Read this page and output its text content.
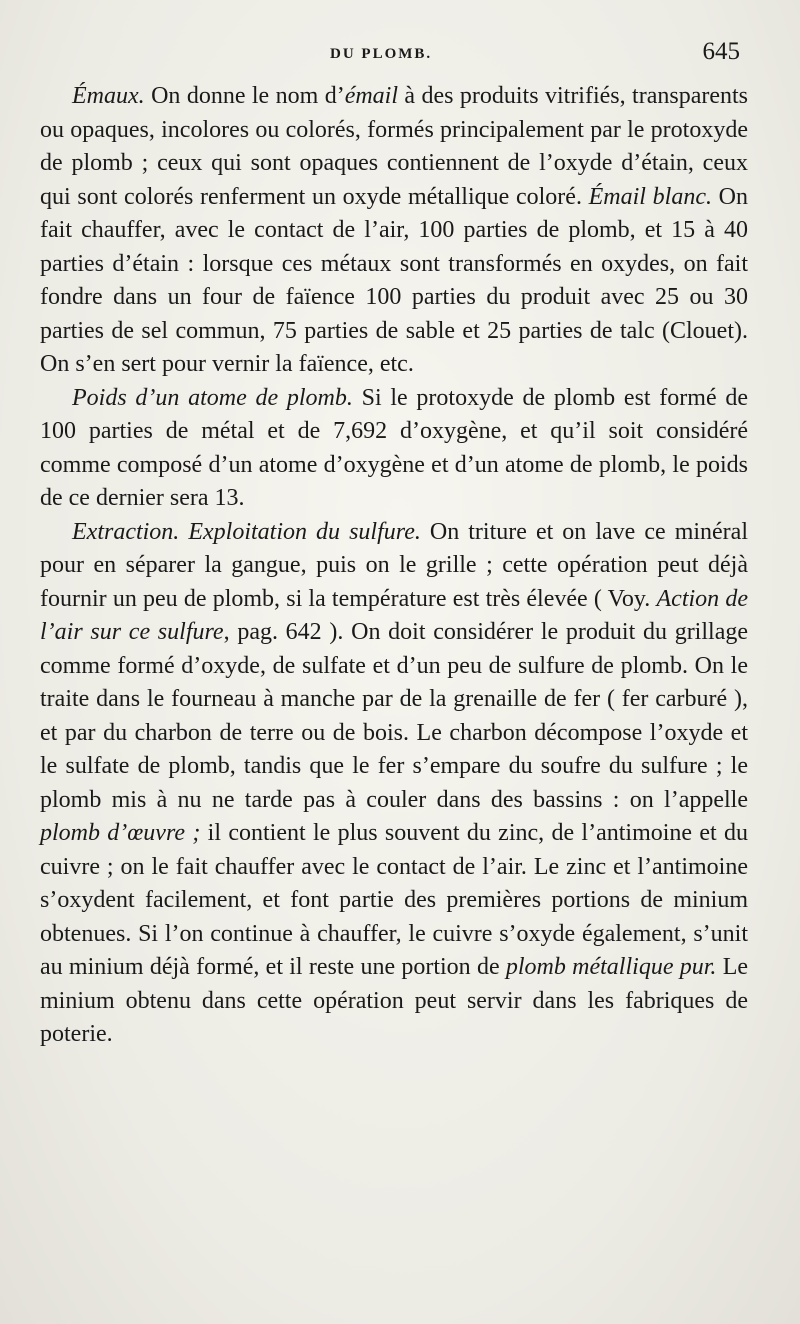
DU PLOMB.	645

Émaux. On donne le nom d’émail à des produits vitrifiés, transparents ou opaques, incolores ou colorés, formés principalement par le protoxyde de plomb ; ceux qui sont opaques contiennent de l’oxyde d’étain, ceux qui sont colorés renferment un oxyde métallique coloré. Émail blanc. On fait chauffer, avec le contact de l’air, 100 parties de plomb, et 15 à 40 parties d’étain : lorsque ces métaux sont transformés en oxydes, on fait fondre dans un four de faïence 100 parties du produit avec 25 ou 30 parties de sel commun, 75 parties de sable et 25 parties de talc (Clouet). On s’en sert pour vernir la faïence, etc.

Poids d’un atome de plomb. Si le protoxyde de plomb est formé de 100 parties de métal et de 7,692 d’oxygène, et qu’il soit considéré comme composé d’un atome d’oxygène et d’un atome de plomb, le poids de ce dernier sera 13.

Extraction. Exploitation du sulfure. On triture et on lave ce minéral pour en séparer la gangue, puis on le grille ; cette opération peut déjà fournir un peu de plomb, si la température est très élevée ( Voy. Action de l’air sur ce sulfure, pag. 642 ). On doit considérer le produit du grillage comme formé d’oxyde, de sulfate et d’un peu de sulfure de plomb. On le traite dans le fourneau à manche par de la grenaille de fer ( fer carburé ), et par du charbon de terre ou de bois. Le charbon décompose l’oxyde et le sulfate de plomb, tandis que le fer s’empare du soufre du sulfure ; le plomb mis à nu ne tarde pas à couler dans des bassins : on l’appelle plomb d’œuvre ; il contient le plus souvent du zinc, de l’antimoine et du cuivre ; on le fait chauffer avec le contact de l’air. Le zinc et l’antimoine s’oxydent facilement, et font partie des premières portions de minium obtenues. Si l’on continue à chauffer, le cuivre s’oxyde également, s’unit au minium déjà formé, et il reste une portion de plomb métallique pur. Le minium obtenu dans cette opération peut servir dans les fabriques de poterie.
